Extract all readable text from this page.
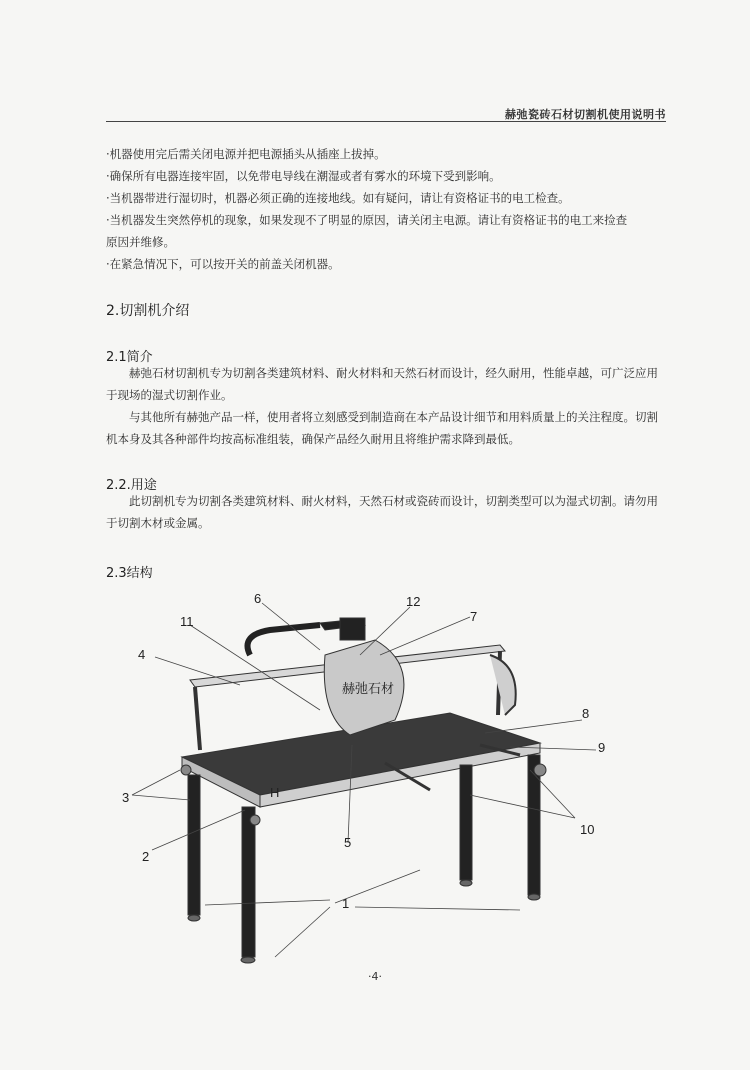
赫弛瓷砖石材切割机使用说明书
·机器使用完后需关闭电源并把电源插头从插座上拔掉。
·确保所有电器连接牢固，以免带电导线在潮湿或者有雾水的环境下受到影响。
·当机器带进行湿切时，机器必须正确的连接地线。如有疑问，请让有资格证书的电工检查。
·当机器发生突然停机的现象，如果发现不了明显的原因，请关闭主电源。请让有资格证书的电工来捡查
原因并维修。
·在紧急情况下，可以按开关的前盖关闭机器。
2.切割机介绍
2.1简介

赫弛石材切割机专为切割各类建筑材料、耐火材料和天然石材而设计，经久耐用，性能卓越，可广泛应用于现场的湿式切割作业。

与其他所有赫弛产品一样，使用者将立刻感受到制造商在本产品设计细节和用料质量上的关注程度。切割机本身及其各种部件均按高标准组装，确保产品经久耐用且将维护需求降到最低。

2.2.用途

此切割机专为切割各类建筑材料、耐火材料，天然石材或瓷砖而设计，切割类型可以为湿式切割。请勿用于切割木材或金属。

2.3结构
赫弛石材
H
1
2
3
4
5
6
7
8
9
10
11
12
·4·
